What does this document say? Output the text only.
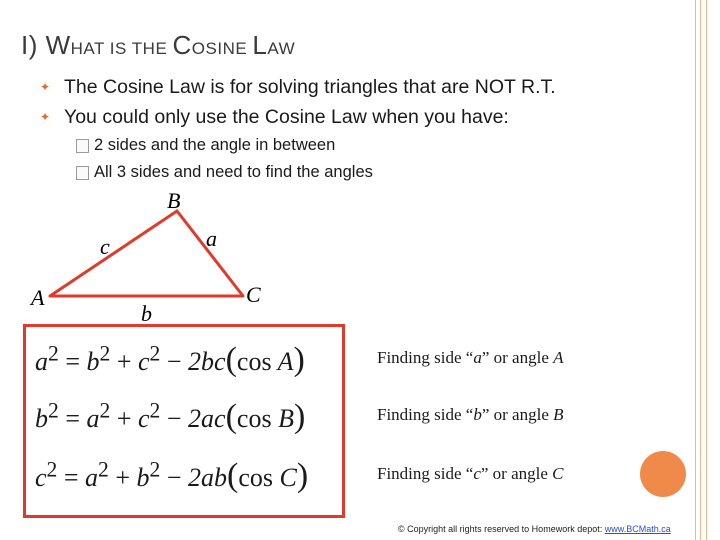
I) WHAT IS THE COSINE LAW
✦ The Cosine Law is for solving triangles that are NOT R.T.
✦ You could only use the Cosine Law when you have:
2 sides and the angle in between
All 3 sides and need to find the angles
B
A	C
c	a
b
$a^2 = b^2 + c^2 - 2bc(\cos$ A)
$b^2 = a^2 + c^2 - 2ac(\cos$ B)
$c^2 = a^2 + b^2 - 2ab(\cos$ C)
Finding side “a” or angle A
Finding side “b” or angle B
Finding side “c” or angle C
© Copyright all rights reserved to Homework depot: www.BCMath.ca
